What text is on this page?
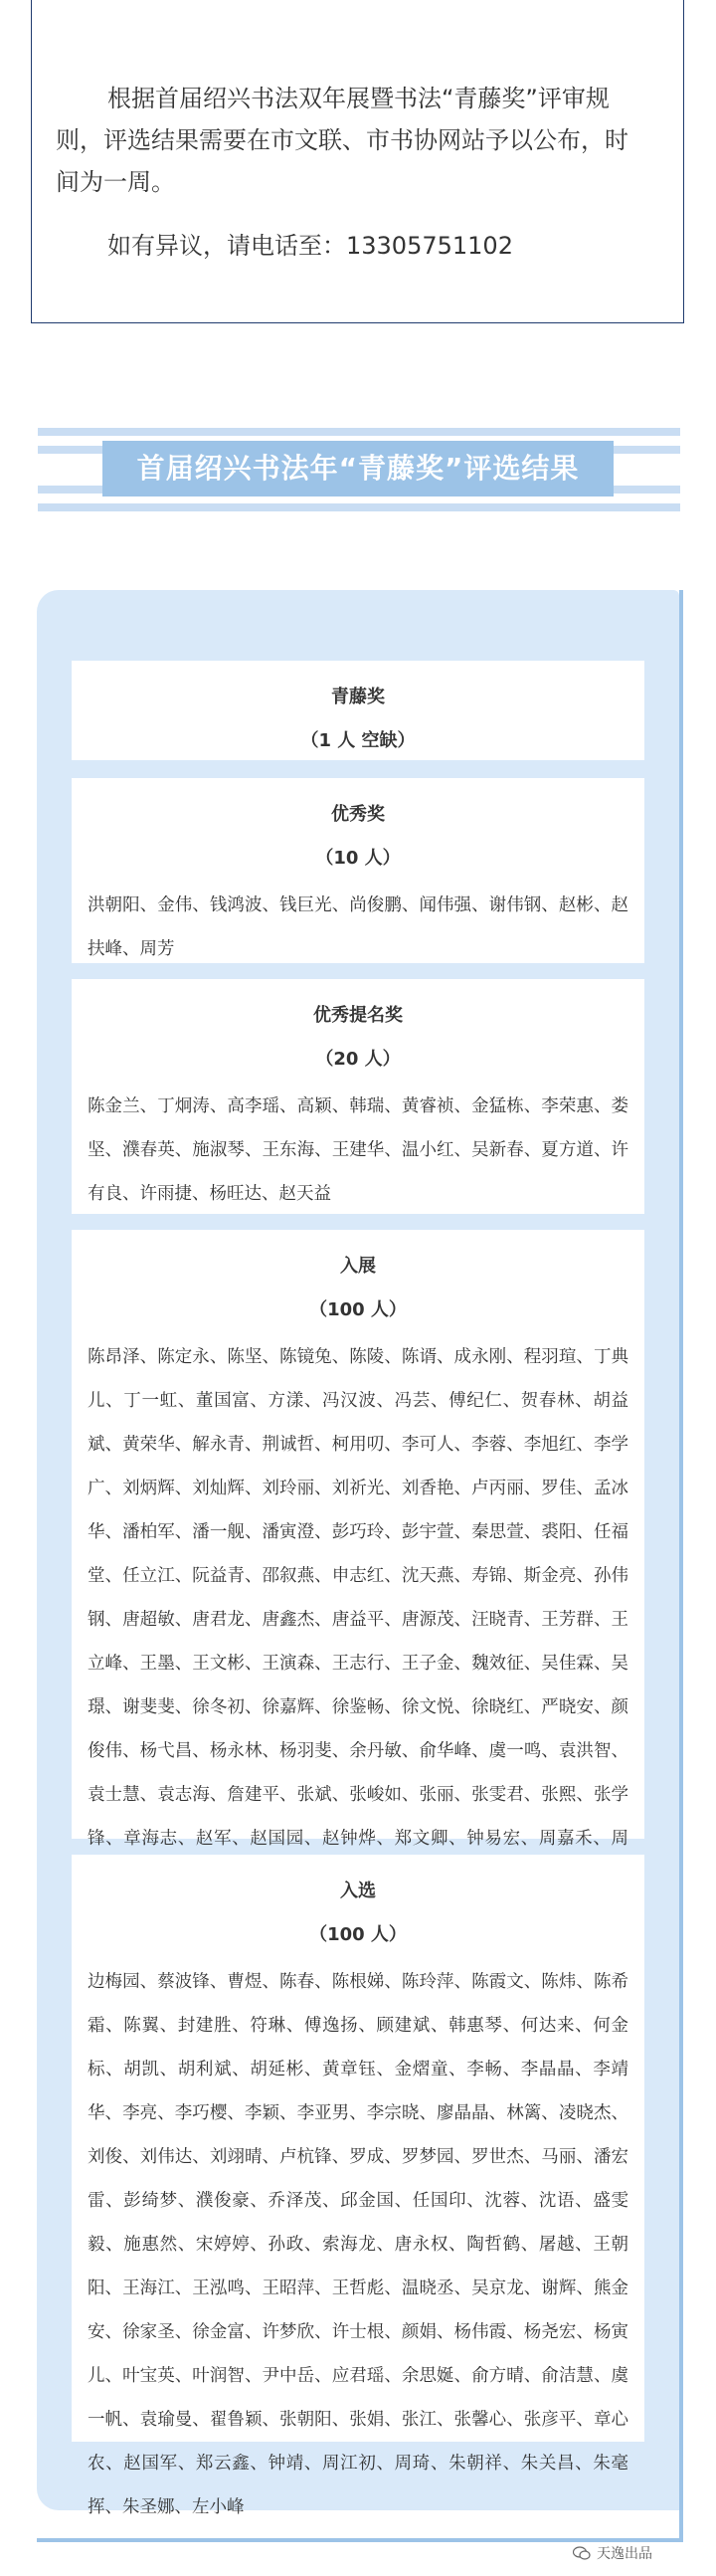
根据首届绍兴书法双年展暨书法“青藤奖”评审规则，评选结果需要在市文联、市书协网站予以公布，时间为一周。

如有异议，请电话至：13305751102

首届绍兴书法年“青藤奖”评选结果
青藤奖
（1 人 空缺）
优秀奖
（10 人）
洪朝阳、金伟、钱鸿波、钱巨光、尚俊鹏、闻伟强、谢伟钢、赵彬、赵扶峰、周芳
优秀提名奖
（20 人）
陈金兰、丁炯涛、高李瑶、高颖、韩瑞、黄睿祯、金猛栋、李荣惠、娄坚、濮春英、施淑琴、王东海、王建华、温小红、吴新春、夏方道、许有良、许雨捷、杨旺达、赵天益
入展
（100 人）
陈昂泽、陈定永、陈坚、陈镜兔、陈陵、陈谞、成永刚、程羽瑄、丁典儿、丁一虹、董国富、方漾、冯汉波、冯芸、傅纪仁、贺春林、胡益斌、黄荣华、解永青、荆诚哲、柯用叨、李可人、李蓉、李旭红、李学广、刘炳辉、刘灿辉、刘玲丽、刘祈光、刘香艳、卢丙丽、罗佳、孟冰华、潘柏军、潘一舰、潘寅澄、彭巧玲、彭宇萱、秦思萱、裘阳、任福堂、任立江、阮益青、邵叙燕、申志红、沈天燕、寿锦、斯金亮、孙伟钢、唐超敏、唐君龙、唐鑫杰、唐益平、唐源茂、汪晓青、王芳群、王立峰、王墨、王文彬、王演森、王志行、王子金、魏效征、吴佳霖、吴璟、谢斐斐、徐冬初、徐嘉辉、徐鉴畅、徐文悦、徐晓红、严晓安、颜俊伟、杨弋昌、杨永林、杨羽斐、余丹敏、俞华峰、虞一鸣、袁洪智、袁士慧、袁志海、詹建平、张斌、张峻如、张丽、张雯君、张熙、张学锋、章海志、赵军、赵国园、赵钟烨、郑文卿、钟易宏、周嘉禾、周
入选
（100 人）
边梅园、蔡波锋、曹煜、陈春、陈根娣、陈玲萍、陈霞文、陈炜、陈希霜、陈翼、封建胜、符琳、傅逸扬、顾建斌、韩惠琴、何达来、何金标、胡凯、胡利斌、胡延彬、黄章钰、金熠童、李畅、李晶晶、李靖华、李亮、李巧樱、李颖、李亚男、李宗晓、廖晶晶、林篱、凌晓杰、刘俊、刘伟达、刘翊晴、卢杭锋、罗成、罗梦园、罗世杰、马丽、潘宏雷、彭绮梦、濮俊豪、乔泽茂、邱金国、任国印、沈蓉、沈语、盛雯毅、施惠然、宋婷婷、孙政、索海龙、唐永权、陶哲鹤、屠越、王朝阳、王海江、王泓鸣、王昭萍、王哲彪、温晓丞、吴京龙、谢辉、熊金安、徐家圣、徐金富、许梦欣、许士根、颜娟、杨伟霞、杨尧宏、杨寅儿、叶宝英、叶润智、尹中岳、应君瑶、余思娫、俞方晴、俞洁慧、虞一帆、袁瑜曼、翟鲁颖、张朝阳、张娟、张江、张馨心、张彦平、章心农、赵国军、郑云鑫、钟靖、周江初、周琦、朱朝祥、朱关昌、朱毫挥、朱圣娜、左小峰
天逸出品
